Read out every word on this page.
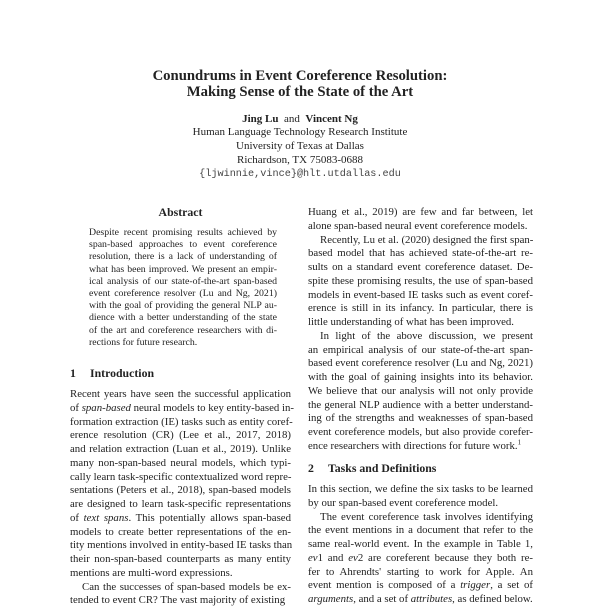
Conundrums in Event Coreference Resolution:
Making Sense of the State of the Art
Jing Lu and Vincent Ng
Human Language Technology Research Institute
University of Texas at Dallas
Richardson, TX 75083-0688
{ljwinnie,vince}@hlt.utdallas.edu
Abstract
Despite recent promising results achieved by
span-based approaches to event coreference
resolution, there is a lack of understanding of
what has been improved. We present an empir-
ical analysis of our state-of-the-art span-based
event coreference resolver (Lu and Ng, 2021)
with the goal of providing the general NLP au-
dience with a better understanding of the state
of the art and coreference researchers with di-
rections for future research.
1 Introduction
Recent years have seen the successful application
of span-based neural models to key entity-based in-
formation extraction (IE) tasks such as entity coref-
erence resolution (CR) (Lee et al., 2017, 2018)
and relation extraction (Luan et al., 2019). Unlike
many non-span-based neural models, which typi-
cally learn task-specific contextualized word repre-
sentations (Peters et al., 2018), span-based models
are designed to learn task-specific representations
of text spans. This potentially allows span-based
models to create better representations of the en-
tity mentions involved in entity-based IE tasks than
their non-span-based counterparts as many entity
mentions are multi-word expressions.
Can the successes of span-based models be ex-
tended to event CR? The vast majority of existing
Huang et al., 2019) are few and far between, let
alone span-based neural event coreference models.
Recently, Lu et al. (2020) designed the first span-
based model that has achieved state-of-the-art re-
sults on a standard event coreference dataset. De-
spite these promising results, the use of span-based
models in event-based IE tasks such as event coref-
erence is still in its infancy. In particular, there is
little understanding of what has been improved.
In light of the above discussion, we present
an empirical analysis of our state-of-the-art span-
based event coreference resolver (Lu and Ng, 2021)
with the goal of gaining insights into its behavior.
We believe that our analysis will not only provide
the general NLP audience with a better understand-
ing of the strengths and weaknesses of span-based
event coreference models, but also provide corefer-
ence researchers with directions for future work.$^1$
2 Tasks and Definitions
In this section, we define the six tasks to be learned
by our span-based event coreference model.
The event coreference task involves identifying
the event mentions in a document that refer to the
same real-world event. In the example in Table 1,
ev1 and ev2 are coreferent because they both re-
fer to Ahrendts' starting to work for Apple. An
event mention is composed of a trigger, a set of
arguments, and a set of attributes, as defined below.
